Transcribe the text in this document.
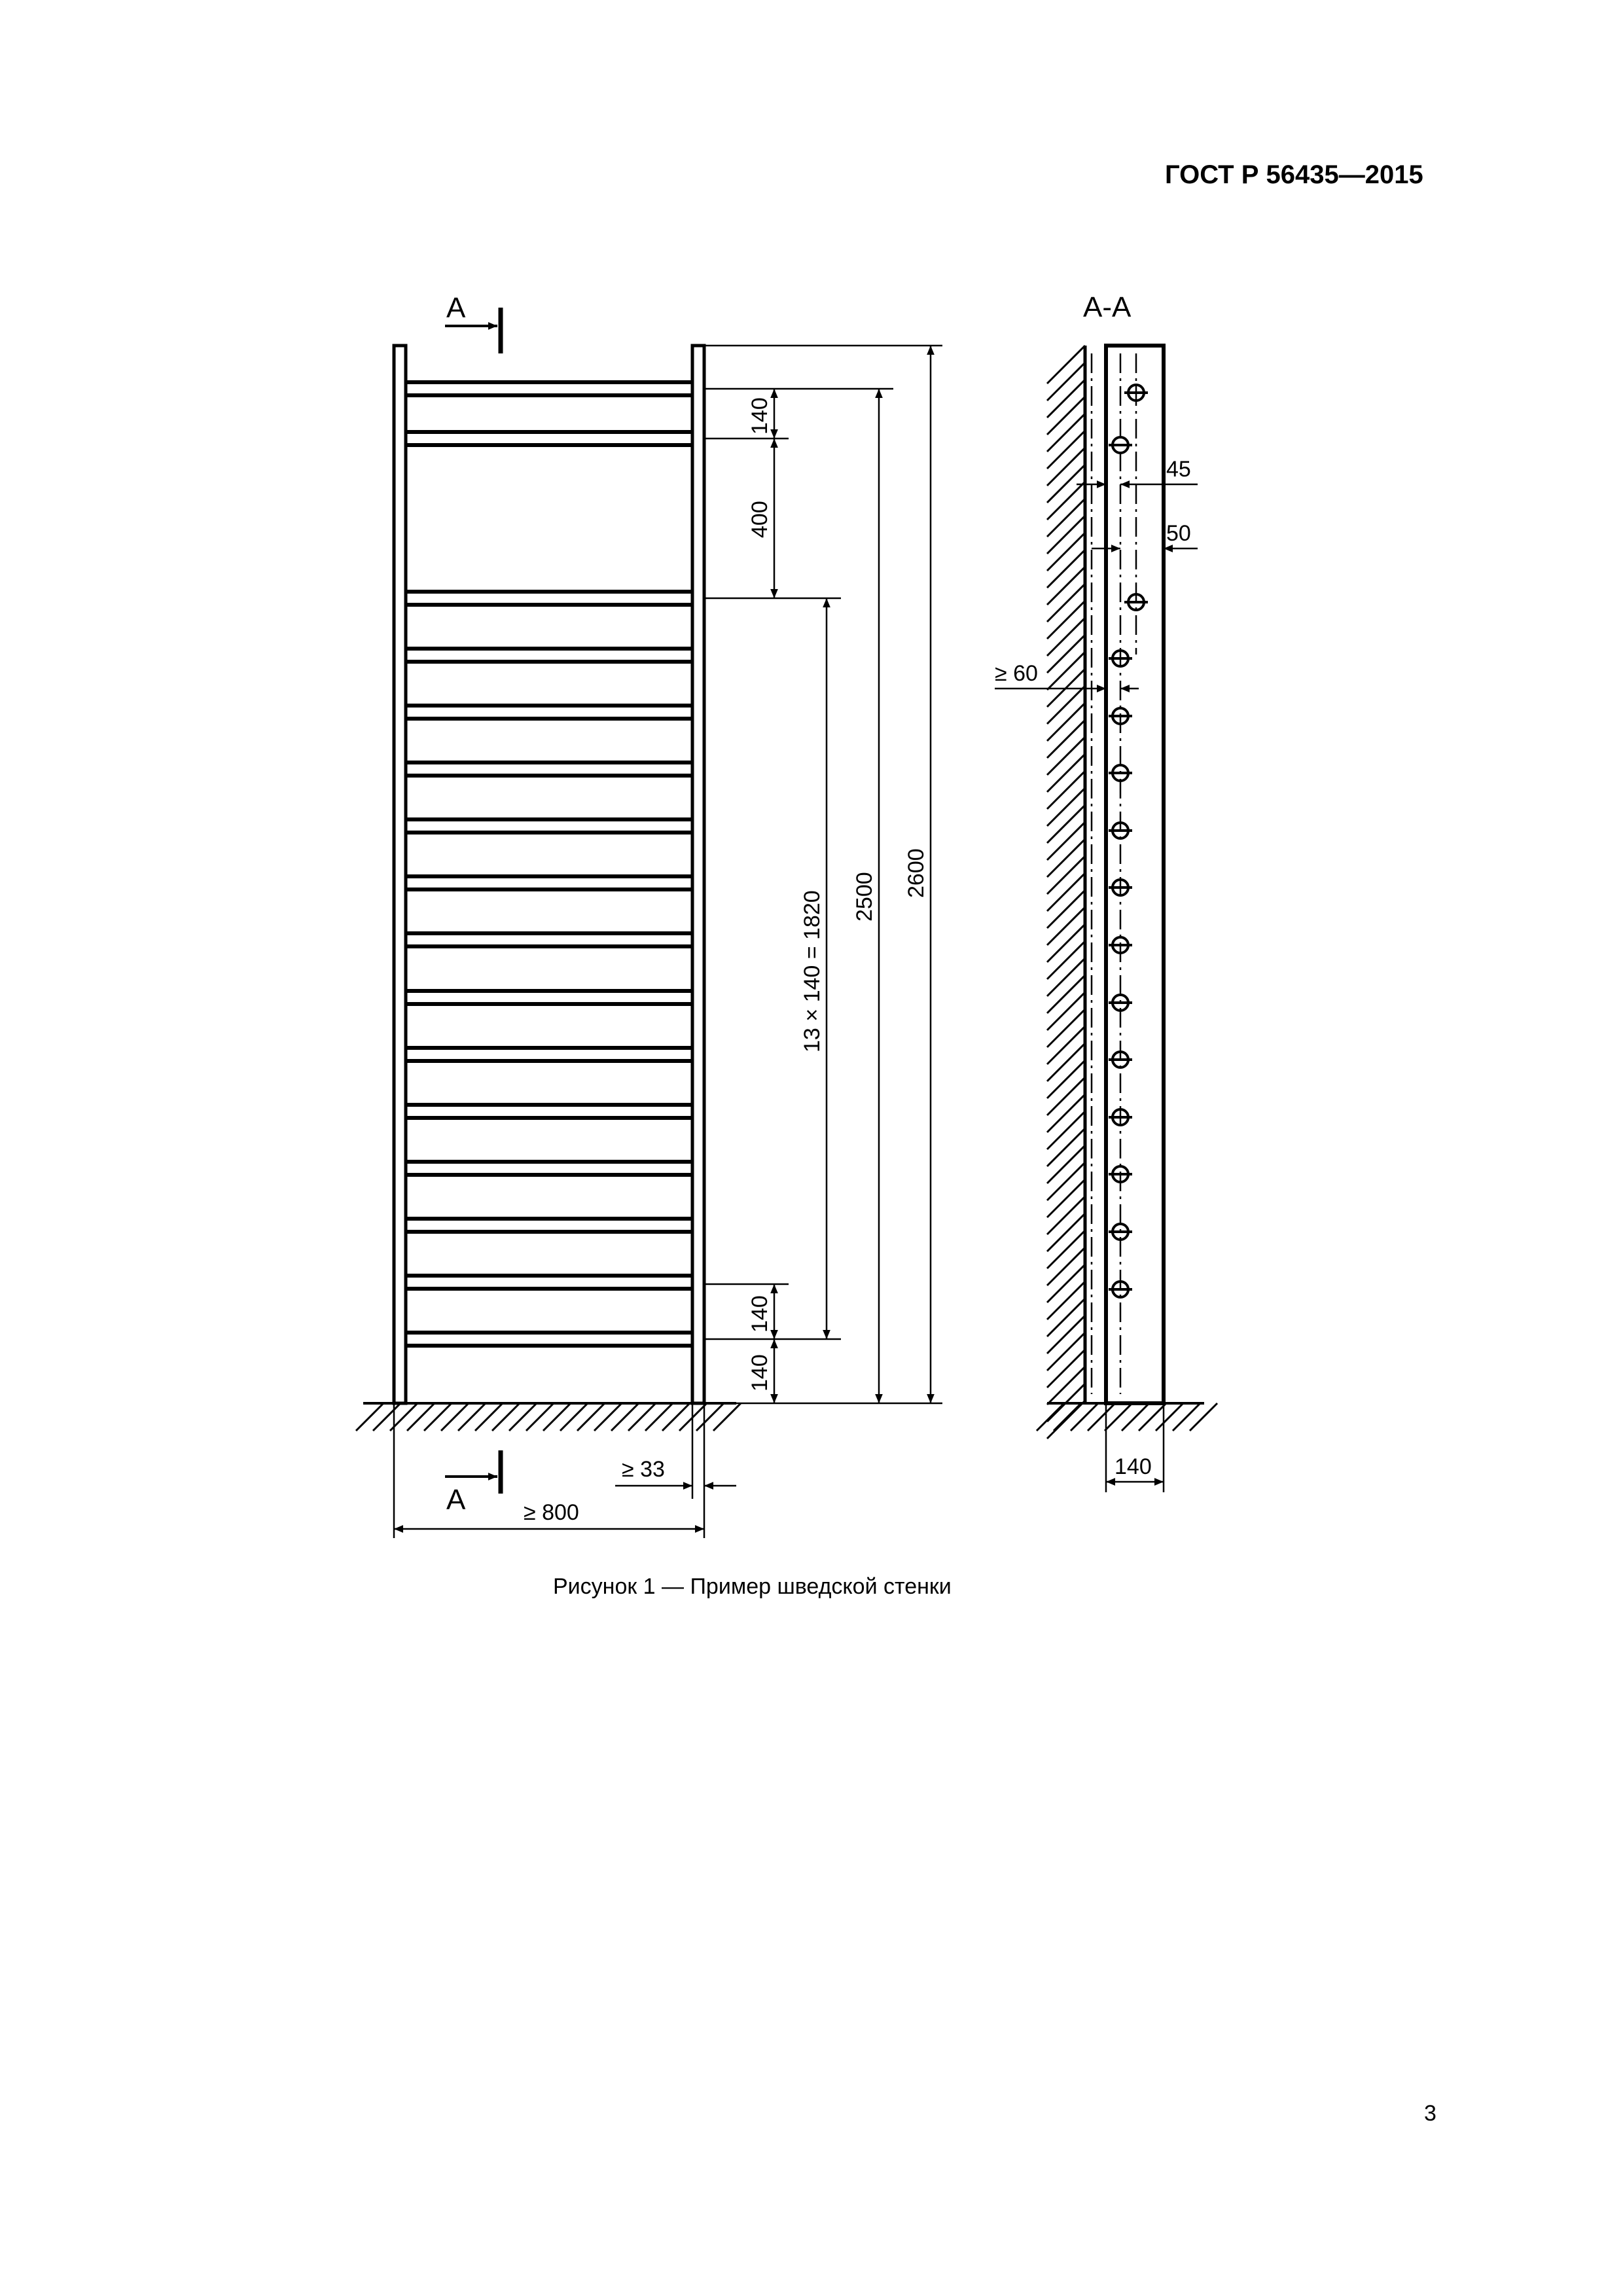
ГОСТ Р 56435—2015
A
A
140
400
13 × 140 = 1820 2500 2600
140
140
≥ 33
≥ 800
A-A
45
50
≥ 60
140
Рисунок 1 — Пример шведской стенки
3
